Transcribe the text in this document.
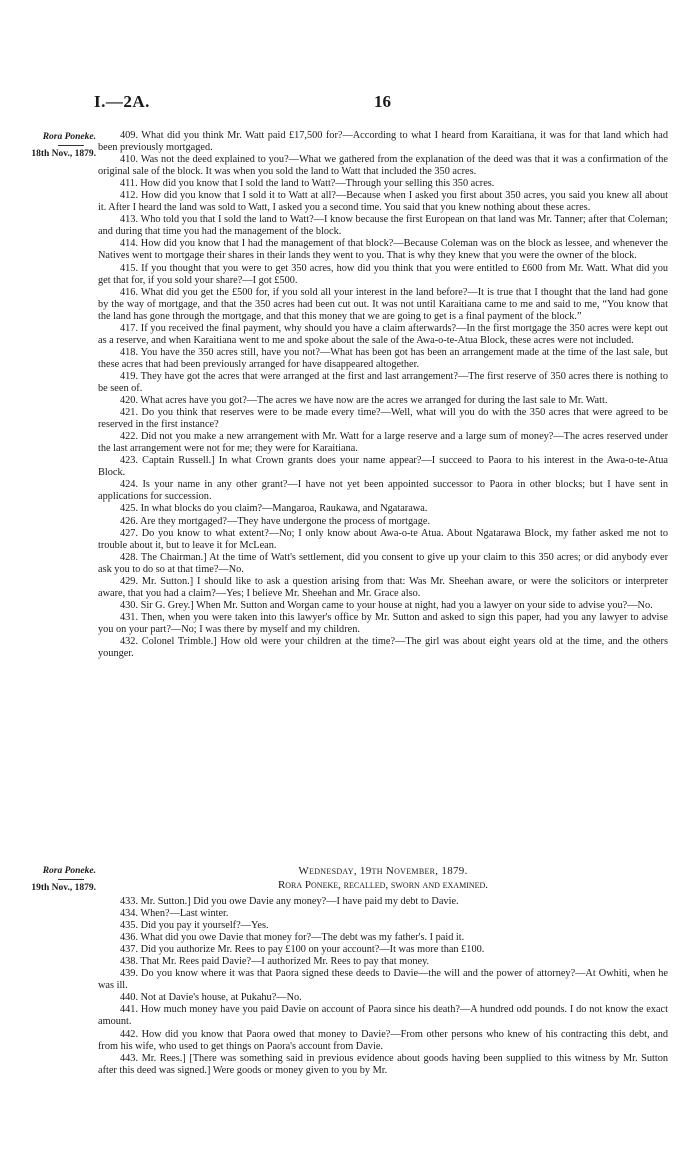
I.—2A.	16
Rora Poneke.
18th Nov., 1879.

409. What did you think Mr. Watt paid £17,500 for?—According to what I heard from Karaitiana, it was for that land which had been previously mortgaged.

410. Was not the deed explained to you?—What we gathered from the explanation of the deed was that it was a confirmation of the original sale of the block. It was when you sold the land to Watt that included the 350 acres.

411. How did you know that I sold the land to Watt?—Through your selling this 350 acres.

412. How did you know that I sold it to Watt at all?—Because when I asked you first about 350 acres, you said you knew all about it. After I heard the land was sold to Watt, I asked you a second time. You said that you knew nothing about these acres.

413. Who told you that I sold the land to Watt?—I know because the first European on that land was Mr. Tanner; after that Coleman; and during that time you had the management of the block.

414. How did you know that I had the management of that block?—Because Coleman was on the block as lessee, and whenever the Natives went to mortgage their shares in their lands they went to you. That is why they knew that you were the owner of the block.

415. If you thought that you were to get 350 acres, how did you think that you were entitled to £600 from Mr. Watt. What did you get that for, if you sold your share?—I got £500.

416. What did you get the £500 for, if you sold all your interest in the land before?—It is true that I thought that the land had gone by the way of mortgage, and that the 350 acres had been cut out. It was not until Karaitiana came to me and said to me, “You know that the land has gone through the mortgage, and that this money that we are going to get is a final payment of the block.”

417. If you received the final payment, why should you have a claim afterwards?—In the first mortgage the 350 acres were kept out as a reserve, and when Karaitiana went to me and spoke about the sale of the Awa-o-te-Atua Block, these acres were not included.

418. You have the 350 acres still, have you not?—What has been got has been an arrangement made at the time of the last sale, but these acres that had been previously arranged for have disappeared altogether.

419. They have got the acres that were arranged at the first and last arrangement?—The first reserve of 350 acres there is nothing to be seen of.

420. What acres have you got?—The acres we have now are the acres we arranged for during the last sale to Mr. Watt.

421. Do you think that reserves were to be made every time?—Well, what will you do with the 350 acres that were agreed to be reserved in the first instance?

422. Did not you make a new arrangement with Mr. Watt for a large reserve and a large sum of money?—The acres reserved under the last arrangement were not for me; they were for Karaitiana.

423. Captain Russell.] In what Crown grants does your name appear?—I succeed to Paora to his interest in the Awa-o-te-Atua Block.

424. Is your name in any other grant?—I have not yet been appointed successor to Paora in other blocks; but I have sent in applications for succession.

425. In what blocks do you claim?—Mangaroa, Raukawa, and Ngatarawa.

426. Are they mortgaged?—They have undergone the process of mortgage.

427. Do you know to what extent?—No; I only know about Awa-o-te Atua. About Ngatarawa Block, my father asked me not to trouble about it, but to leave it for McLean.

428. The Chairman.] At the time of Watt's settlement, did you consent to give up your claim to this 350 acres; or did anybody ever ask you to do so at that time?—No.

429. Mr. Sutton.] I should like to ask a question arising from that: Was Mr. Sheehan aware, or were the solicitors or interpreter aware, that you had a claim?—Yes; I believe Mr. Sheehan and Mr. Grace also.

430. Sir G. Grey.] When Mr. Sutton and Worgan came to your house at night, had you a lawyer on your side to advise you?—No.

431. Then, when you were taken into this lawyer's office by Mr. Sutton and asked to sign this paper, had you any lawyer to advise you on your part?—No; I was there by myself and my children.

432. Colonel Trimble.] How old were your children at the time?—The girl was about eight years old at the time, and the others younger.

Rora Poneke.
19th Nov., 1879.

Wednesday, 19th November, 1879.

Rora Poneke, recalled, sworn and examined.

433. Mr. Sutton.] Did you owe Davie any money?—I have paid my debt to Davie.

434. When?—Last winter.

435. Did you pay it yourself?—Yes.

436. What did you owe Davie that money for?—The debt was my father's. I paid it.

437. Did you authorize Mr. Rees to pay £100 on your account?—It was more than £100.

438. That Mr. Rees paid Davie?—I authorized Mr. Rees to pay that money.

439. Do you know where it was that Paora signed these deeds to Davie—the will and the power of attorney?—At Owhiti, when he was ill.

440. Not at Davie's house, at Pukahu?—No.

441. How much money have you paid Davie on account of Paora since his death?—A hundred odd pounds. I do not know the exact amount.

442. How did you know that Paora owed that money to Davie?—From other persons who knew of his contracting this debt, and from his wife, who used to get things on Paora's account from Davie.

443. Mr. Rees.] [There was something said in previous evidence about goods having been supplied to this witness by Mr. Sutton after this deed was signed.] Were goods or money given to you by Mr.
